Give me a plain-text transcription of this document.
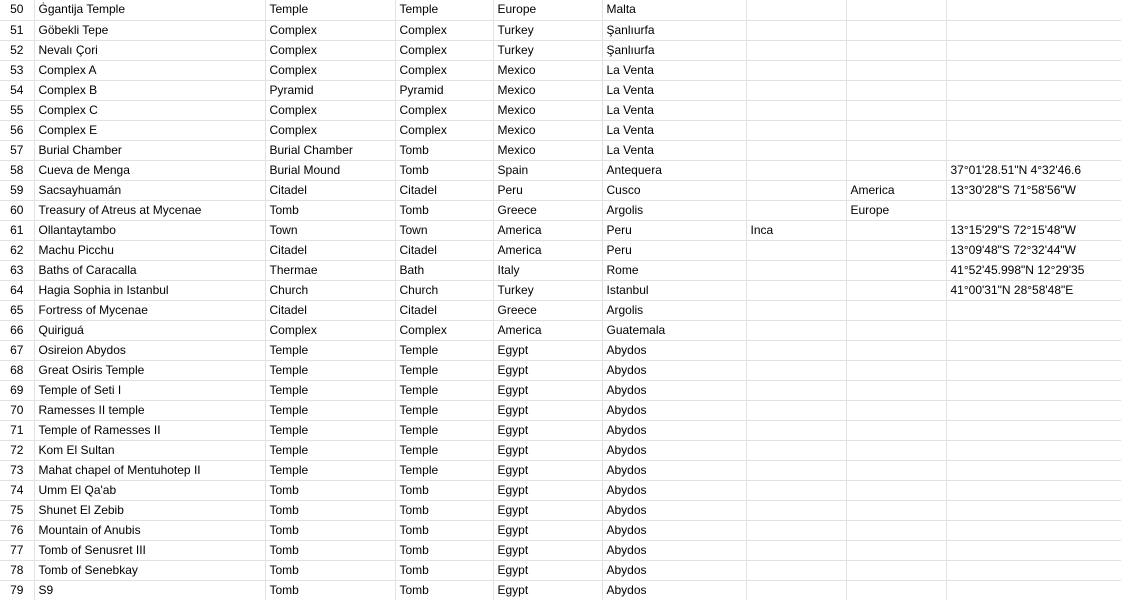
50	Ġgantija Temple	Temple	Temple	Europe	Malta			
51	Göbekli Tepe	Complex	Complex	Turkey	Şanlıurfa			
52	Nevalı Çori	Complex	Complex	Turkey	Şanlıurfa			
53	Complex A	Complex	Complex	Mexico	La Venta			
54	Complex B	Pyramid	Pyramid	Mexico	La Venta			
55	Complex C	Complex	Complex	Mexico	La Venta			
56	Complex E	Complex	Complex	Mexico	La Venta			
57	Burial Chamber	Burial Chamber	Tomb	Mexico	La Venta			
58	Cueva de Menga	Burial Mound	Tomb	Spain	Antequera			37°01'28.51"N 4°32'46.6
59	Sacsayhuamán	Citadel	Citadel	Peru	Cusco		America	13°30'28"S 71°58'56"W
60	Treasury of Atreus at Mycenae	Tomb	Tomb	Greece	Argolis		Europe	
61	Ollantaytambo	Town	Town	America	Peru	Inca		13°15'29"S 72°15'48"W
62	Machu Picchu	Citadel	Citadel	America	Peru			13°09'48"S 72°32'44"W
63	Baths of Caracalla	Thermae	Bath	Italy	Rome			41°52'45.998"N 12°29'35
64	Hagia Sophia in Istanbul	Church	Church	Turkey	Istanbul			41°00'31"N 28°58'48"E
65	Fortress of Mycenae	Citadel	Citadel	Greece	Argolis			
66	Quiriguá	Complex	Complex	America	Guatemala			
67	Osireion Abydos	Temple	Temple	Egypt	Abydos			
68	Great Osiris Temple	Temple	Temple	Egypt	Abydos			
69	Temple of Seti I	Temple	Temple	Egypt	Abydos			
70	Ramesses II temple	Temple	Temple	Egypt	Abydos			
71	Temple of Ramesses II	Temple	Temple	Egypt	Abydos			
72	Kom El Sultan	Temple	Temple	Egypt	Abydos			
73	Mahat chapel of Mentuhotep II	Temple	Temple	Egypt	Abydos			
74	Umm El Qa'ab	Tomb	Tomb	Egypt	Abydos			
75	Shunet El Zebib	Tomb	Tomb	Egypt	Abydos			
76	Mountain of Anubis	Tomb	Tomb	Egypt	Abydos			
77	Tomb of Senusret III	Tomb	Tomb	Egypt	Abydos			
78	Tomb of Senebkay	Tomb	Tomb	Egypt	Abydos			
79	S9	Tomb	Tomb	Egypt	Abydos			
